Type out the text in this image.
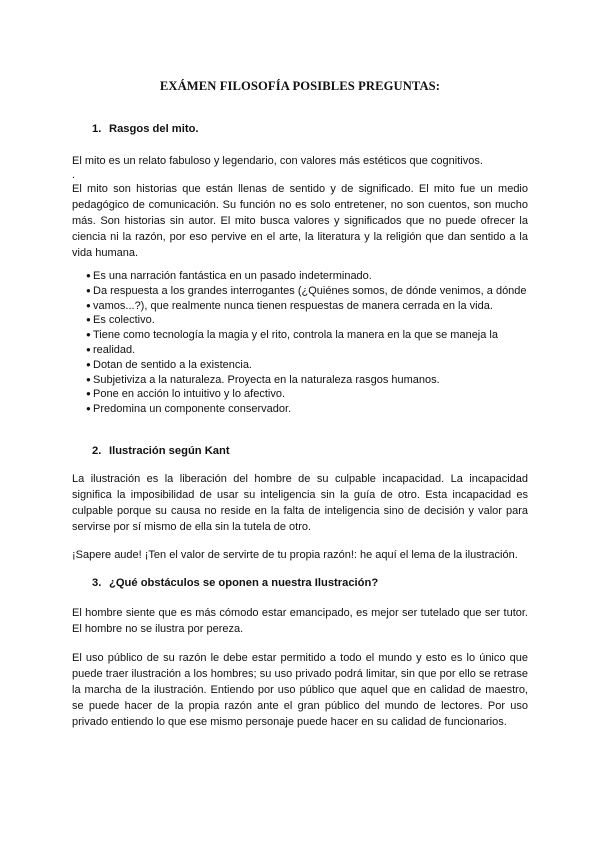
EXÁMEN FILOSOFÍA POSIBLES PREGUNTAS:
1. Rasgos del mito.

El mito es un relato fabuloso y legendario, con valores más estéticos que cognitivos.

.

El mito son historias que están llenas de sentido y de significado. El mito fue un medio pedagógico de comunicación. Su función no es solo entretener, no son cuentos, son mucho más. Son historias sin autor. El mito busca valores y significados que no puede ofrecer la ciencia ni la razón, por eso pervive en el arte, la literatura y la religión que dan sentido a la vida humana.

● Es una narración fantástica en un pasado indeterminado.
● Da respuesta a los grandes interrogantes (¿Quiénes somos, de dónde venimos, a dónde
● vamos...?), que realmente nunca tienen respuestas de manera cerrada en la vida.
● Es colectivo.
● Tiene como tecnología la magia y el rito, controla la manera en la que se maneja la
● realidad.
● Dotan de sentido a la existencia.
● Subjetiviza a la naturaleza. Proyecta en la naturaleza rasgos humanos.
● Pone en acción lo intuitivo y lo afectivo.
● Predomina un componente conservador.
2. Ilustración según Kant

La ilustración es la liberación del hombre de su culpable incapacidad. La incapacidad significa la imposibilidad de usar su inteligencia sin la guía de otro. Esta incapacidad es culpable porque su causa no reside en la falta de inteligencia sino de decisión y valor para servirse por sí mismo de ella sin la tutela de otro.

¡Sapere aude! ¡Ten el valor de servirte de tu propia razón!: he aquí el lema de la ilustración.

3. ¿Qué obstáculos se oponen a nuestra Ilustración?

El hombre siente que es más cómodo estar emancipado, es mejor ser tutelado que ser tutor. El hombre no se ilustra por pereza.

El uso público de su razón le debe estar permitido a todo el mundo y esto es lo único que puede traer ilustración a los hombres; su uso privado podrá limitar, sin que por ello se retrase la marcha de la ilustración. Entiendo por uso público que aquel que en calidad de maestro, se puede hacer de la propia razón ante el gran público del mundo de lectores. Por uso privado entiendo lo que ese mismo personaje puede hacer en su calidad de funcionarios.
